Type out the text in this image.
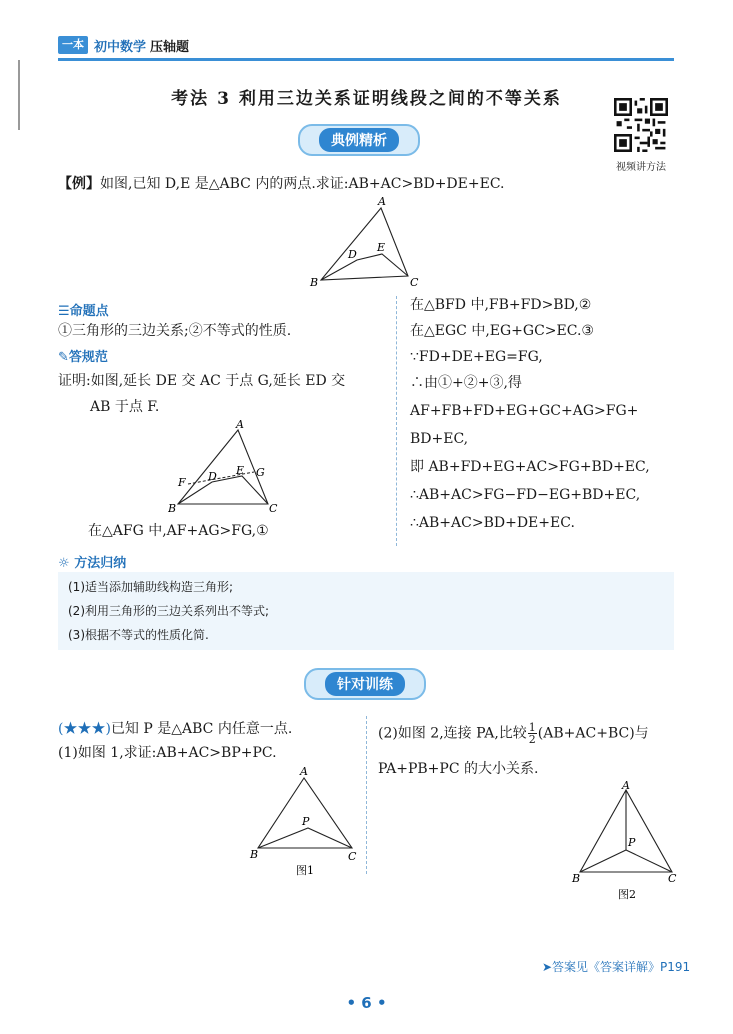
一本 初中数学 压轴题
考法 3 利用三边关系证明线段之间的不等关系
视频讲方法
典例精析
【例】如图,已知 D,E 是△ABC 内的两点.求证:AB+AC>BD+DE+EC.
A
B	C
D
E
☰命题点
①三角形的三边关系;②不等式的性质.
✎答规范
证明:如图,延长 DE 交 AC 于点 G,延长 ED 交
AB 于点 F.
A
B	C
D E
F
G
在△AFG 中,AF+AG>FG,①
在△BFD 中,FB+FD>BD,②
在△EGC 中,EG+GC>EC.③
∵FD+DE+EG=FG,
∴由①+②+③,得
AF+FB+FD+EG+GC+AG>FG+
BD+EC,
即 AB+FD+EG+AC>FG+BD+EC,
∴AB+AC>FG−FD−EG+BD+EC,
∴AB+AC>BD+DE+EC.
☼ 方法归纳
(1)适当添加辅助线构造三角形;
(2)利用三角形的三边关系列出不等式;
(3)根据不等式的性质化简.
针对训练
(★★★)已知 P 是△ABC 内任意一点.
(1)如图 1,求证:AB+AC>BP+PC.
(2)如图 2,连接 PA,比较 $\frac{1}{2} (AB+AC+BC)$与
PA+PB+PC 的大小关系.
A
B	C
P
图1
A
B	C
P
图2
➤答案见《答案详解》P191
• 6 •
